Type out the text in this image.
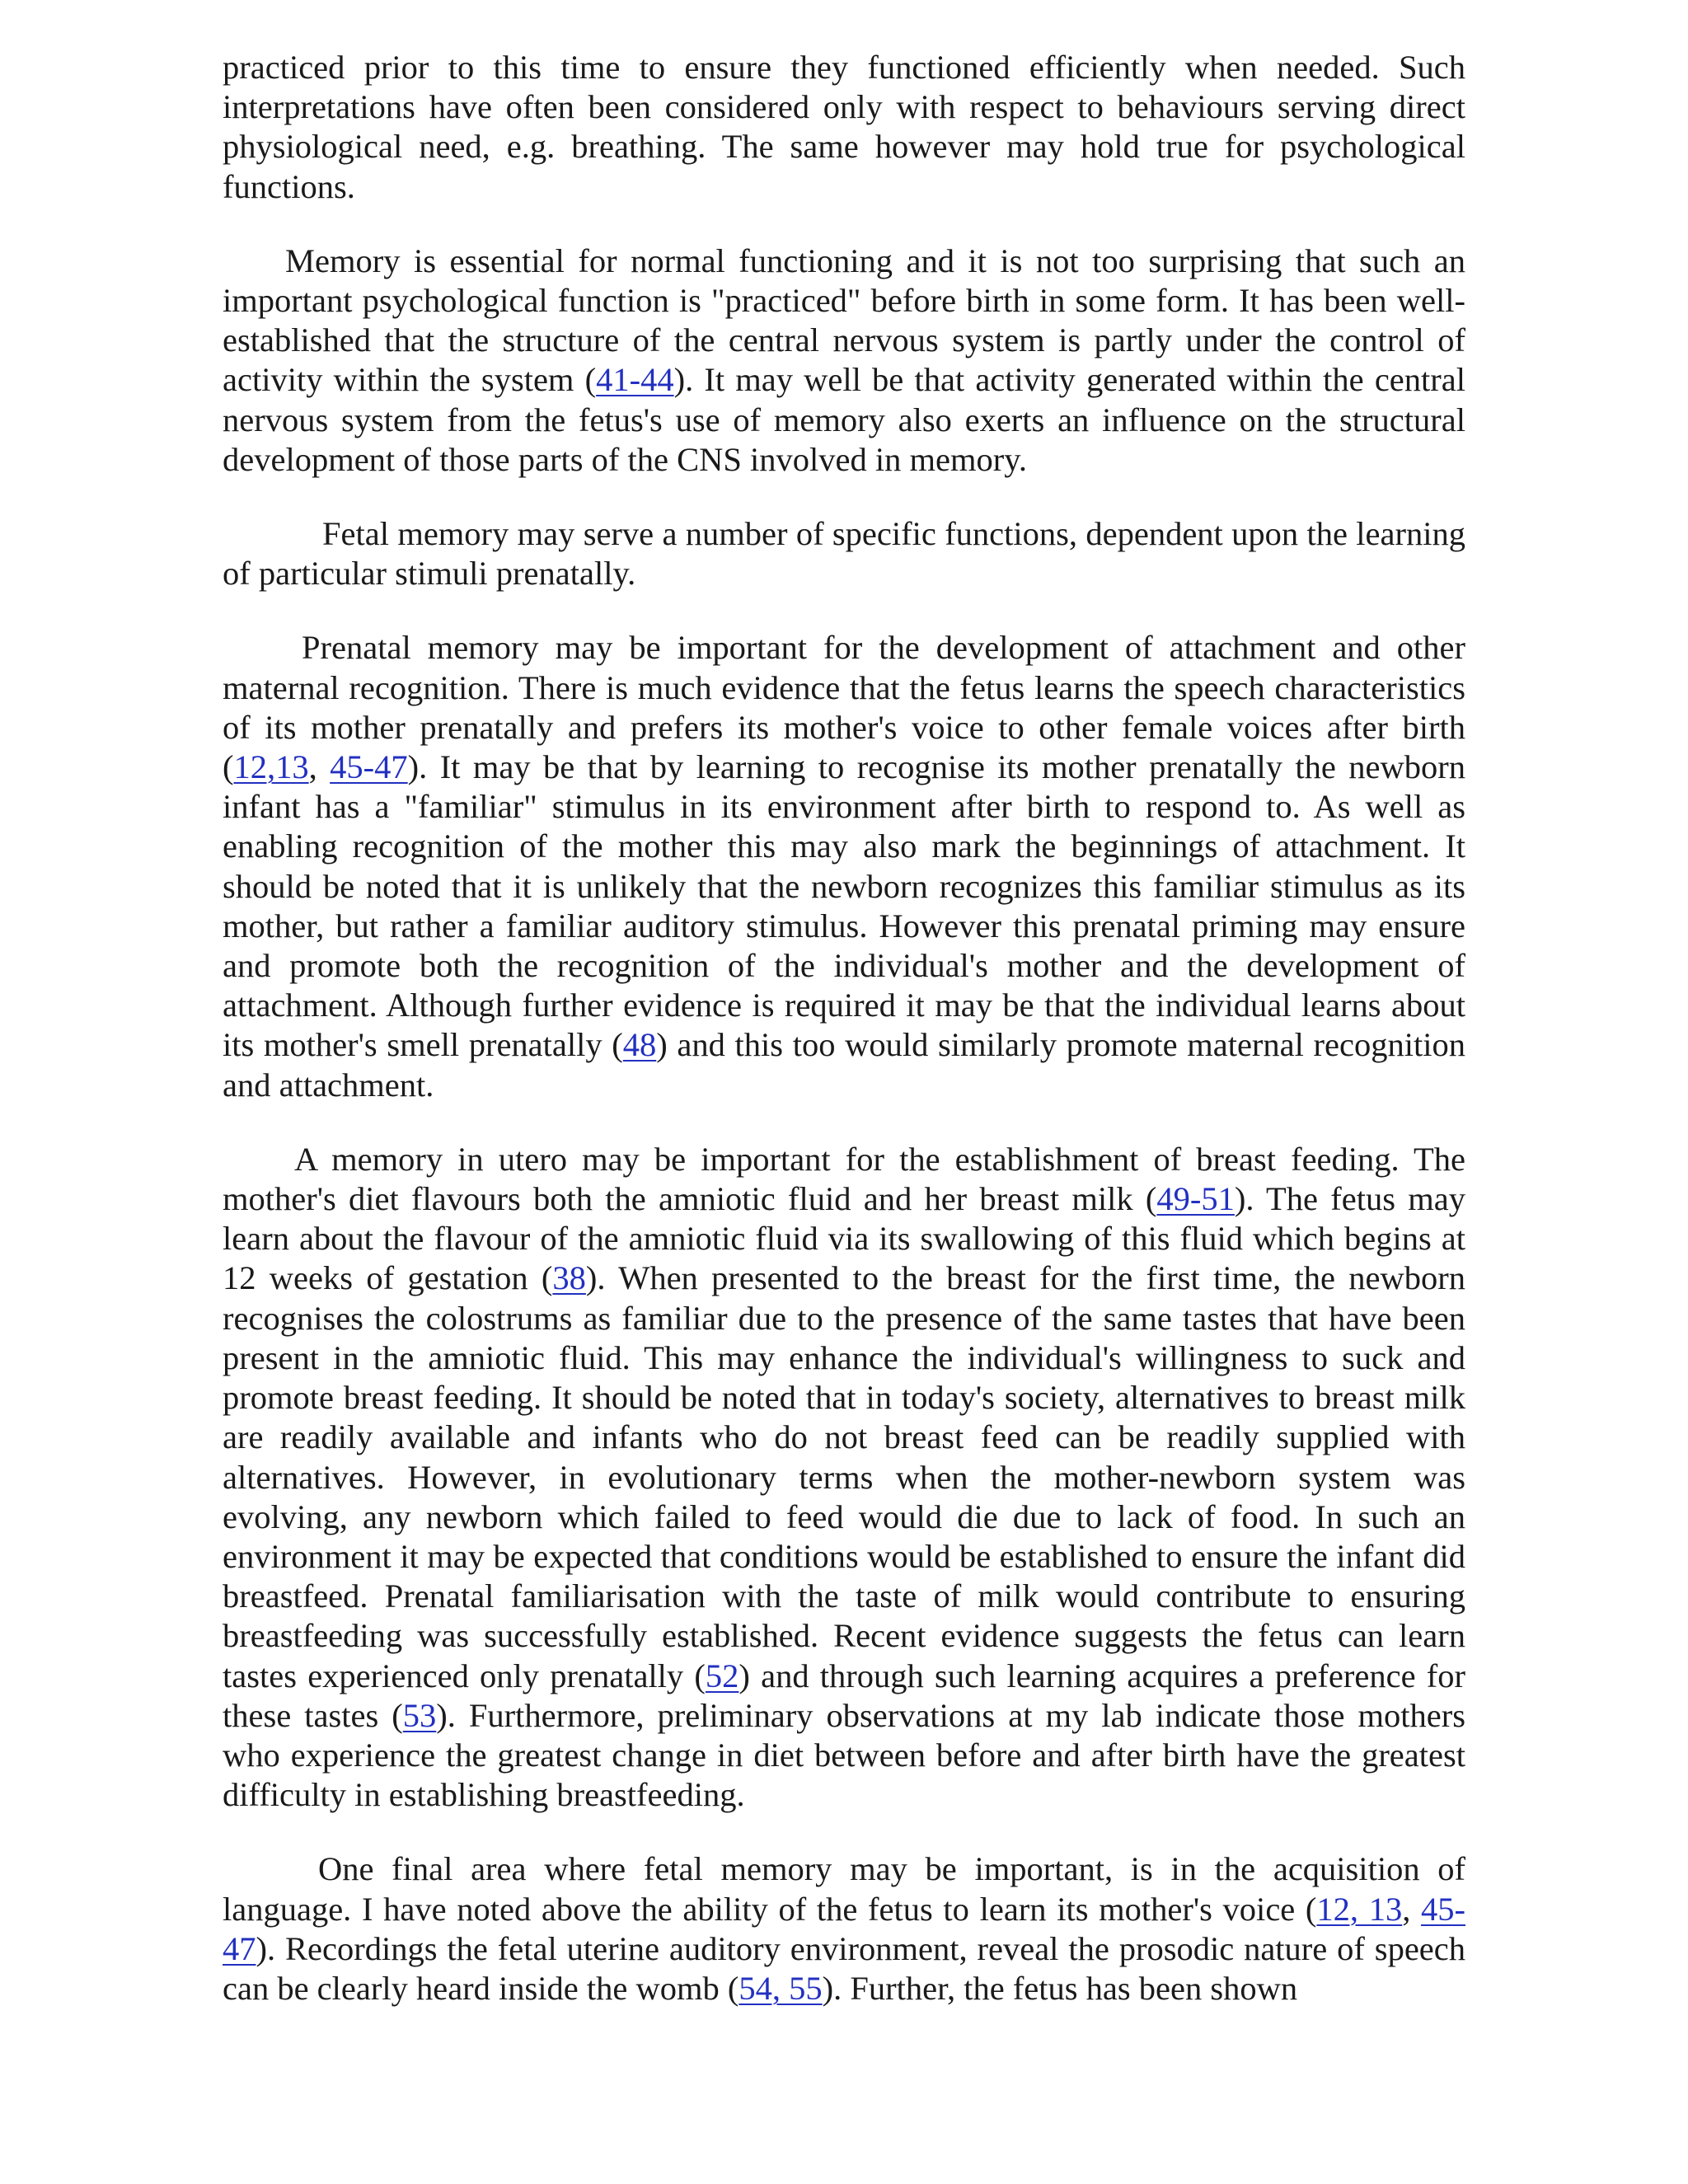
practiced prior to this time to ensure they functioned efficiently when needed. Such interpretations have often been considered only with respect to behaviours serving direct physiological need, e.g. breathing. The same however may hold true for psychological functions.

Memory is essential for normal functioning and it is not too surprising that such an important psychological function is "practiced" before birth in some form. It has been well-established that the structure of the central nervous system is partly under the control of activity within the system (41-44). It may well be that activity generated within the central nervous system from the fetus's use of memory also exerts an influence on the structural development of those parts of the CNS involved in memory.

Fetal memory may serve a number of specific functions, dependent upon the learning of particular stimuli prenatally.

Prenatal memory may be important for the development of attachment and other maternal recognition. There is much evidence that the fetus learns the speech characteristics of its mother prenatally and prefers its mother's voice to other female voices after birth (12,13, 45-47). It may be that by learning to recognise its mother prenatally the newborn infant has a "familiar" stimulus in its environment after birth to respond to. As well as enabling recognition of the mother this may also mark the beginnings of attachment. It should be noted that it is unlikely that the newborn recognizes this familiar stimulus as its mother, but rather a familiar auditory stimulus. However this prenatal priming may ensure and promote both the recognition of the individual's mother and the development of attachment. Although further evidence is required it may be that the individual learns about its mother's smell prenatally (48) and this too would similarly promote maternal recognition and attachment.

A memory in utero may be important for the establishment of breast feeding. The mother's diet flavours both the amniotic fluid and her breast milk (49-51). The fetus may learn about the flavour of the amniotic fluid via its swallowing of this fluid which begins at 12 weeks of gestation (38). When presented to the breast for the first time, the newborn recognises the colostrums as familiar due to the presence of the same tastes that have been present in the amniotic fluid. This may enhance the individual's willingness to suck and promote breast feeding. It should be noted that in today's society, alternatives to breast milk are readily available and infants who do not breast feed can be readily supplied with alternatives. However, in evolutionary terms when the mother-newborn system was evolving, any newborn which failed to feed would die due to lack of food. In such an environment it may be expected that conditions would be established to ensure the infant did breastfeed. Prenatal familiarisation with the taste of milk would contribute to ensuring breastfeeding was successfully established. Recent evidence suggests the fetus can learn tastes experienced only prenatally (52) and through such learning acquires a preference for these tastes (53). Furthermore, preliminary observations at my lab indicate those mothers who experience the greatest change in diet between before and after birth have the greatest difficulty in establishing breastfeeding.

One final area where fetal memory may be important, is in the acquisition of language. I have noted above the ability of the fetus to learn its mother's voice (12, 13, 45-47). Recordings the fetal uterine auditory environment, reveal the prosodic nature of speech can be clearly heard inside the womb (54, 55). Further, the fetus has been shown
